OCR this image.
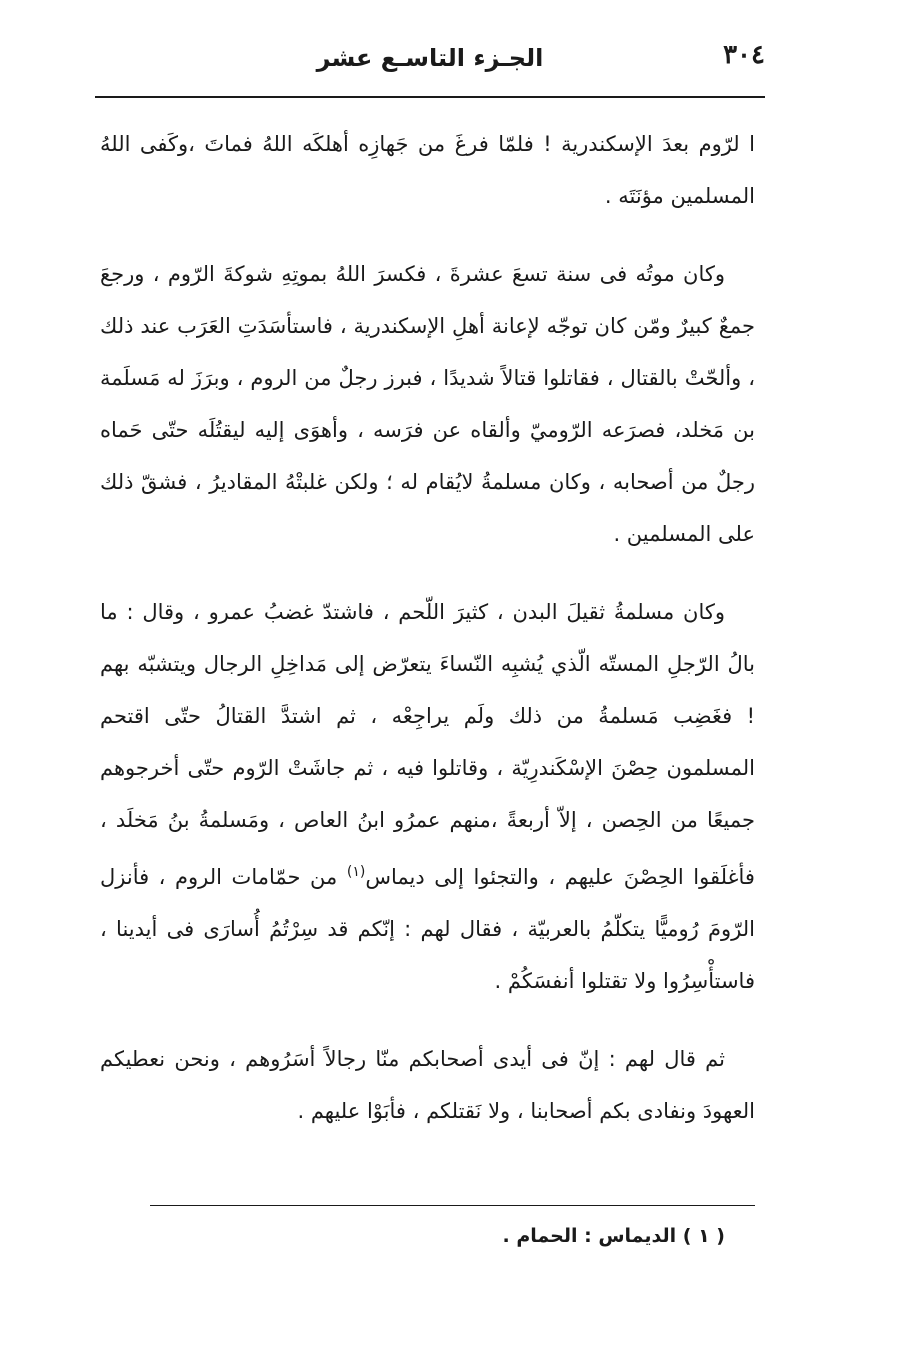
٣٠٤
الجـزء التاسـع عشر

ا لرّوم بعدَ الإسكندرية ! فلمّا فرغَ من جَهازِه أهلكَه اللهُ فماتَ ،وكَفى اللهُ المسلمين مؤنَتَه .

وكان موتُه فى سنة تسعَ عشرةَ ، فكسرَ اللهُ بموتِهِ شوكةَ الرّوم ، ورجعَ جمعٌ كبيرٌ ومّن كان توجّه لإعانة أهلِ الإسكندرية ، فاستأسَدَتِ العَرَب عند ذلك ، وألحّتْ بالقتال ، فقاتلوا قتالاً شديدًا ، فبرز رجلٌ من الروم ، وبرَزَ له مَسلَمة بن مَخلد، فصرَعه الرّوميّ وألقاه عن فرَسه ، وأهوَى إليه ليقتُلَه حتّى حَماه رجلٌ من أصحابه ، وكان مسلمةُ لايُقام له ؛ ولكن غلبتْهُ المقاديرُ ، فشقّ ذلك على المسلمين .

وكان مسلمةُ ثقيلَ البدن ، كثيرَ اللّحم ، فاشتدّ غضبُ عمرو ، وقال : ما بالُ الرّجلِ المستّه الّذي يُشبِه النّساءَ يتعرّض إلى مَداخِلِ الرجال ويتشبّه بهم ! فغَضِب مَسلمةُ من ذلك ولَم يراجِعْه ، ثم اشتدَّ القتالُ حتّى اقتحم المسلمون حِصْنَ الإسْكَندرِيّة ، وقاتلوا فيه ، ثم جاشَتْ الرّوم حتّى أخرجوهم جميعًا من الحِصن ، إلاّ أربعةً ،منهم عمرُو ابنُ العاص ، ومَسلمةُ بنُ مَخلَد ، فأغلَقوا الحِصْنَ عليهم ، والتجئوا إلى ديماس$^{(١)}$ من حمّامات الروم ، فأنزل الرّومَ رُوميًّا يتكلّمُ بالعربيّة ، فقال لهم : إنّكم قد سِرْتُمُ أُسارَى فى أيدينا ، فاستأْسِرُوا ولا تقتلوا أنفسَكُمْ .

ثم قال لهم : إنّ فى أيدى أصحابكم منّا رجالاً أسَرُوهم ، ونحن نعطيكم العهودَ ونفادى بكم أصحابنا ، ولا نَقتلكم ، فأبَوْا عليهم .

( ١ ) الديماس : الحمام .
